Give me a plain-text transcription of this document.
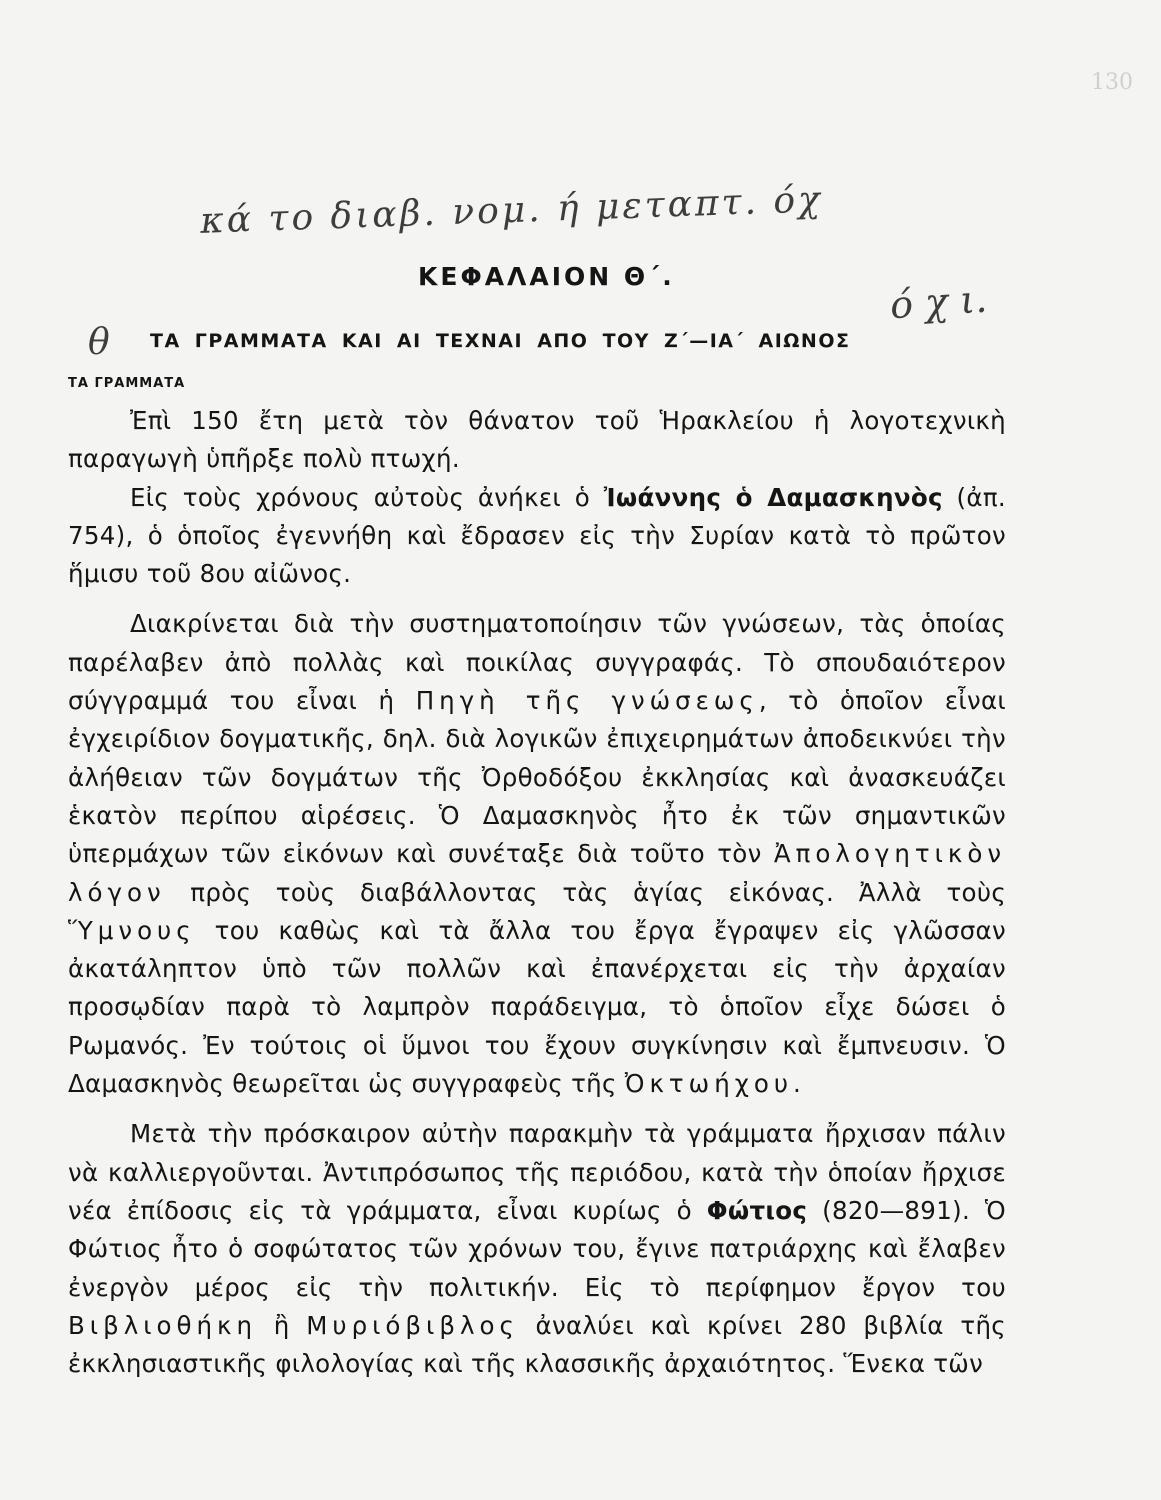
130
κά το διαβ. νομ. ή μεταπτ. όχ
ό χ ι.
ΚΕΦΑΛΑΙΟΝ Θ΄.
θ ΤΑ ΓΡΑΜΜΑΤΑ ΚΑΙ ΑΙ ΤΕΧΝΑΙ ΑΠΟ ΤΟΥ Ζ΄—ΙΑ΄ ΑΙΩΝΟΣ
ΤΑ ΓΡΑΜΜΑΤΑ

Ἐπὶ 150 ἔτη μετὰ τὸν θάνατον τοῦ Ἡρακλείου ἡ λογοτεχνικὴ παραγωγὴ ὑπῆρξε πολὺ πτωχή.

Εἰς τοὺς χρόνους αὐτοὺς ἀνήκει ὁ Ἰωάννης ὁ Δαμασκηνὸς (ἀπ. 754), ὁ ὁποῖος ἐγεννήθη καὶ ἔδρασεν εἰς τὴν Συρίαν κατὰ τὸ πρῶτον ἥμισυ τοῦ 8ου αἰῶνος.

Διακρίνεται διὰ τὴν συστηματοποίησιν τῶν γνώσεων, τὰς ὁποίας παρέλαβεν ἀπὸ πολλὰς καὶ ποικίλας συγγραφάς. Τὸ σπουδαιότερον σύγγραμμά του εἶναι ἡ Πηγὴ τῆς γνώσεως, τὸ ὁποῖον εἶναι ἐγχειρίδιον δογματικῆς, δηλ. διὰ λογικῶν ἐπιχειρημάτων ἀποδεικνύει τὴν ἀλήθειαν τῶν δογμάτων τῆς Ὀρθοδόξου ἐκκλησίας καὶ ἀνασκευάζει ἑκατὸν περίπου αἱρέσεις. Ὁ Δαμασκηνὸς ἦτο ἐκ τῶν σημαντικῶν ὑπερμάχων τῶν εἰκόνων καὶ συνέταξε διὰ τοῦτο τὸν Ἀπολογητικὸν λόγον πρὸς τοὺς διαβάλλοντας τὰς ἁγίας εἰκόνας. Ἀλλὰ τοὺς Ὕμνους του καθὼς καὶ τὰ ἄλλα του ἔργα ἔγραψεν εἰς γλῶσσαν ἀκατάληπτον ὑπὸ τῶν πολλῶν καὶ ἐπανέρχεται εἰς τὴν ἀρχαίαν προσῳδίαν παρὰ τὸ λαμπρὸν παράδειγμα, τὸ ὁποῖον εἶχε δώσει ὁ Ρωμανός. Ἐν τούτοις οἱ ὕμνοι του ἔχουν συγκίνησιν καὶ ἔμπνευσιν. Ὁ Δαμασκηνὸς θεωρεῖται ὡς συγγραφεὺς τῆς Ὀκτωήχου.

Μετὰ τὴν πρόσκαιρον αὐτὴν παρακμὴν τὰ γράμματα ἤρχισαν πάλιν νὰ καλλιεργοῦνται. Ἀντιπρόσωπος τῆς περιόδου, κατὰ τὴν ὁποίαν ἤρχισε νέα ἐπίδοσις εἰς τὰ γράμματα, εἶναι κυρίως ὁ Φώτιος (820—891). Ὁ Φώτιος ἦτο ὁ σοφώτατος τῶν χρόνων του, ἔγινε πατριάρχης καὶ ἔλαβεν ἐνεργὸν μέρος εἰς τὴν πολιτικήν. Εἰς τὸ περίφημον ἔργον του Βιβλιοθήκη ἢ Μυριόβιβλος ἀναλύει καὶ κρίνει 280 βιβλία τῆς ἐκκλησιαστικῆς φιλολογίας καὶ τῆς κλασσικῆς ἀρχαιότητος. Ἕνεκα τῶν
